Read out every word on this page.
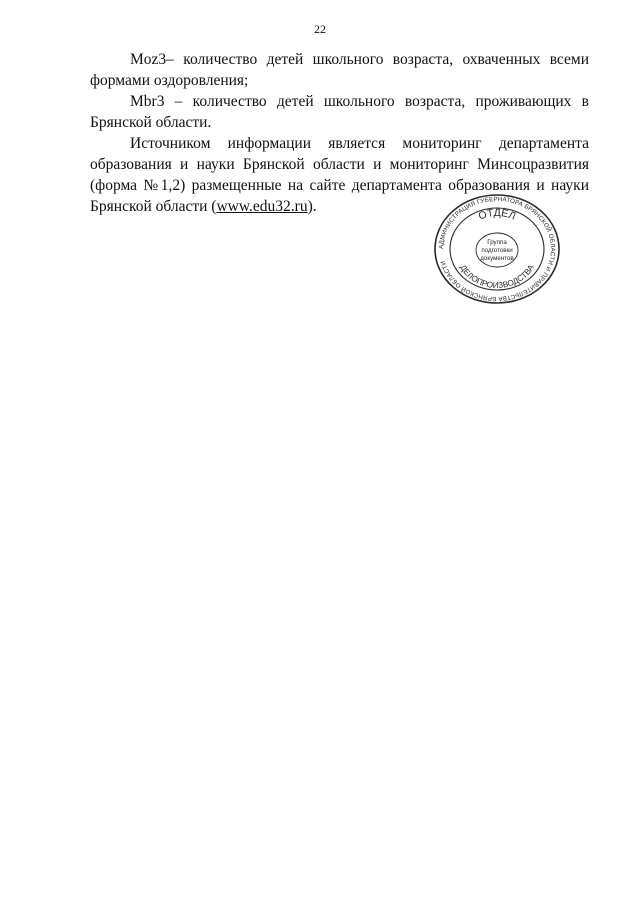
22

Moz3– количество детей школьного возраста, охваченных всеми формами оздоровления;

Mbr3 – количество детей школьного возраста, проживающих в Брянской области.

Источником информации является мониторинг департамента образования и науки Брянской области и мониторинг Минсоцразвития (форма №1,2) размещенные на сайте департамента образования и науки Брянской области (www.edu32.ru).

АДМИНИСТРАЦИЯ ГУБЕРНАТОРА БРЯНСКОЙ ОБЛАСТИ И ПРАВИТЕЛЬСТВА БРЯНСКОЙ ОБЛАСТИ
ОТДЕЛ
ДЕЛОПРОИЗВОДСТВА
Группа
подготовки
документов
